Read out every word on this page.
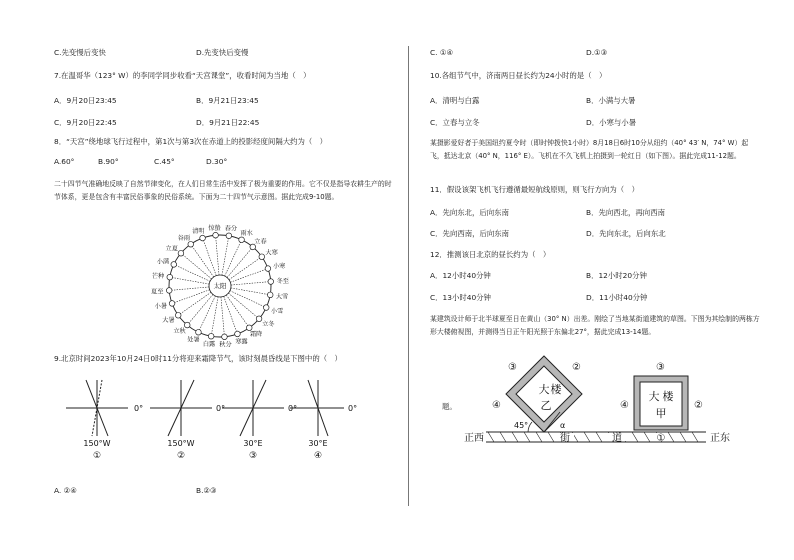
C.先变慢后变快	D.先变快后变慢
7.在温哥华（123° W）的李同学同步收看“天宫课堂”，收看时间为当地（　）
A．9月20日23:45	B．9月21日23:45
C．9月20日22:45	D．9月21日22:45
8．“天宫”绕地球飞行过程中，第1次与第3次在赤道上的投影经度间隔大约为（　）
A.60°	B.90°	C.45°	D.30°
二十四节气准确地反映了自然节律变化，在人们日常生活中发挥了极为重要的作用。它不仅是指导农耕生产的时节体系，更是包含有丰富民俗事象的民俗系统。下面为二十四节气示意图。据此完成9-10题。
春分
雨水
立春
大寒
小寒
冬至
大雪
小雪
立冬
霜降
寒露
秋分
白露
处暑
立秋
大暑
小暑
夏至
芒种
小满
立夏
谷雨
清明 惊蛰
太阳
9.北京时间2023年10月24日0时11分将迎来霜降节气，该时刻晨昏线是下图中的（　）
0°
150°W
①
0°
150°W
②
0°
30°E
③
0°
30°E
④
A. ②④	B.②③
C. ①④	D.①③
10.各组节气中，济南两日昼长约为24小时的是（　）
A．清明与白露	B．小满与大暑
C．立春与立冬	D．小寒与小暑
某摄影爱好者于美国纽约夏令时（即时钟拨快1小时）8月18日6时10分从纽约（40° 43′ N，74° W）起飞，抵达北京（40° N，116° E）。飞机在不久飞机上拍摄到一轮红日（如下图）。据此完成11-12题。
11．假设该架飞机飞行遵循最短航线原则，则飞行方向为（　）
A．先向东北，后向东南	B．先向西北，再向西南
C．先向西南，后向东南	D．先向东北，后向东北
12．推测该日北京的昼长约为（　）
A．12小时40分钟	B．12小时20分钟
C．13小时40分钟	D．11小时40分钟
某建筑设计师于北半球夏至日在黄山（30° N）出差。刚绘了当地某街道建筑的草图。下图为其绘制的两栋方形大楼俯视图，并测得当日正午阳光照于东偏北27°，据此完成13-14题。
题。
正西	正东
街	道	①
大 楼
乙
③	②
④
45°	α
大 楼
甲
③
④	②
